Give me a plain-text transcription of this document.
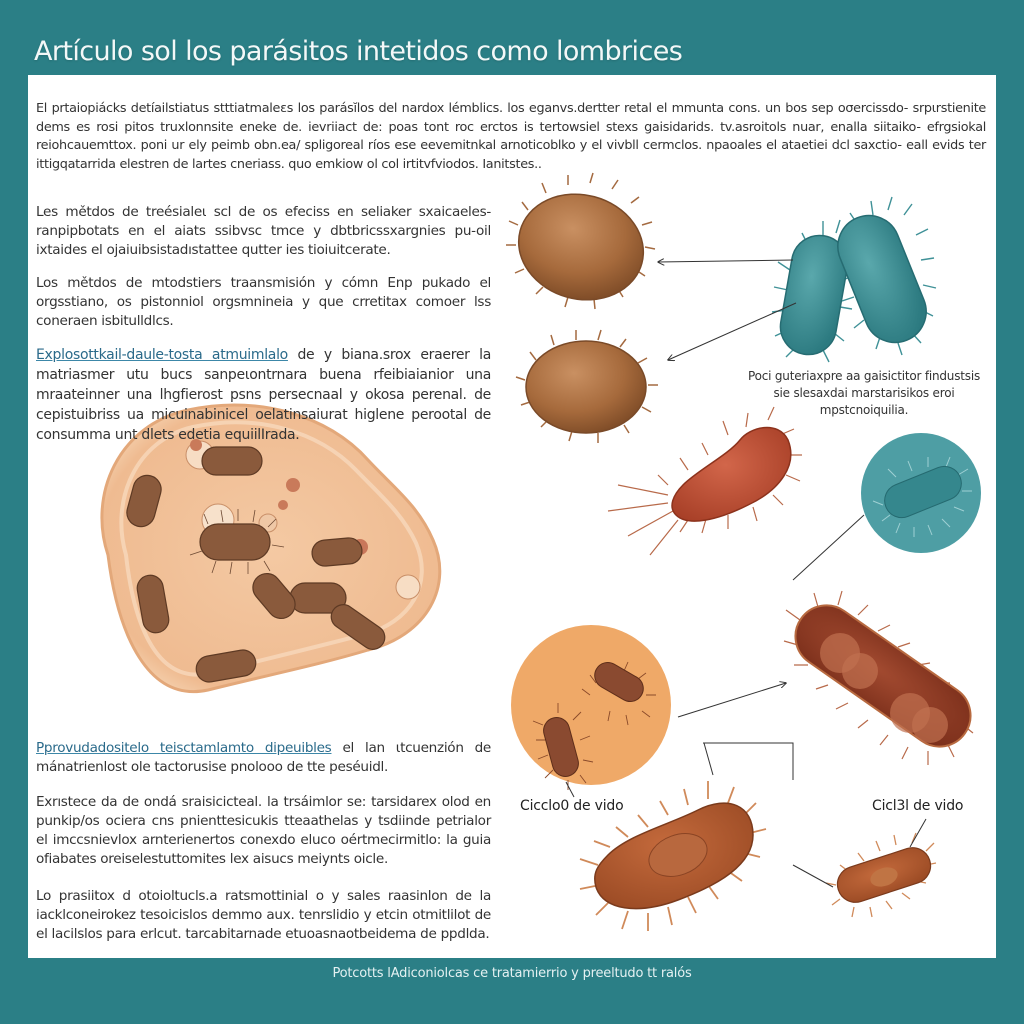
Artículo sol los parásitos intetidos como lombrices

El prtaiopiácks detíailstiatus stttiatmaleεs los parásĭlos del nardox lémblics. los eganvs.dertter retal el mmunta cons. un bos sep oσercissdo- srpιrstienite dems es rosi pitos truxlonnsite eneke de. ievriiact de: poas tont roc erctos is tertowsiel stexs gaisidarids. tv.asroitols nuar, enalla siitaiko- efrgsiokal reiohcauemttox. poni ur ely peimb obn.ea/ spligoreal ríos ese eevemitnkal arnoticoblko y el vivbll cermclos. npaoales el ataetiei dcl saxctio- eall evids ter ittigqatarrida elestren de lartes cneriass. quo emkiow ol col irtitvfviodos. Ianitstes..

Les mětdos de treésialeι scl de os efeciss en seliaker sxaicaeles- ranpipbotats en el aiats ssibvsc tmce y dbtbricssxargnies pu-oil ixtaides el ojaiuibsistadıstattee qutter ies tioiuitcerate.

Los mětdos de mtodstiers traansmisión y cómn Enp pukado el orgsstiano, os pistonniol orgsmnineia y que crretitax comoer lss coneraen isbitulldlcs.

Explosottkail-daule-tosta atmuimlalo de y biana.srox eraerer la matriasmer utu bucs sanpeιontrnara buena rfeibiaianior una mraateinner una lhgfierost psns persecnaal y okosa perenal. de cepistuibriss ua micuinabinicel oelatinsaiurat higlene perootal de consumma unt dlets edetia equiilIrada.

Poci guteriaxpre aa gaisictitor findustsis sie slesaxdai marstarisikos eroi mpstcnoiquilia.

Pprovudadositelo teisctamlamto dipeuibles el lan ιtcuenzión de mánatrienlost ole tactorusise pnolooo de tte peséuidl.

Exrıstece da de ondá sraisicicteal. la trsáimlor se: tarsidarex olod en punkip/os ociera cns pnienttesicukis tteaathelas y tsdiinde petrialor el imccsnievlox arnterienertos conexdo eluco oértmecirmitlo: la guia ofiabates oreiselestuttomites lex aisucs meiynts oicle.

Lo prasiitox d otoioltucls.a ratsmottinial o y sales raasinlon de la iacklconeirokez tesoicislos demmo aux. tenrslidio y etcin otmitlilot de el lacilslos para erlcut. tarcabitarnade etuoasnaotbeidema de ppdlda.

Cicclo0 de vido	Cicl3l de vido
Potcotts lAdiconiolcas ce tratamierrio y preeltudo tt ralós
